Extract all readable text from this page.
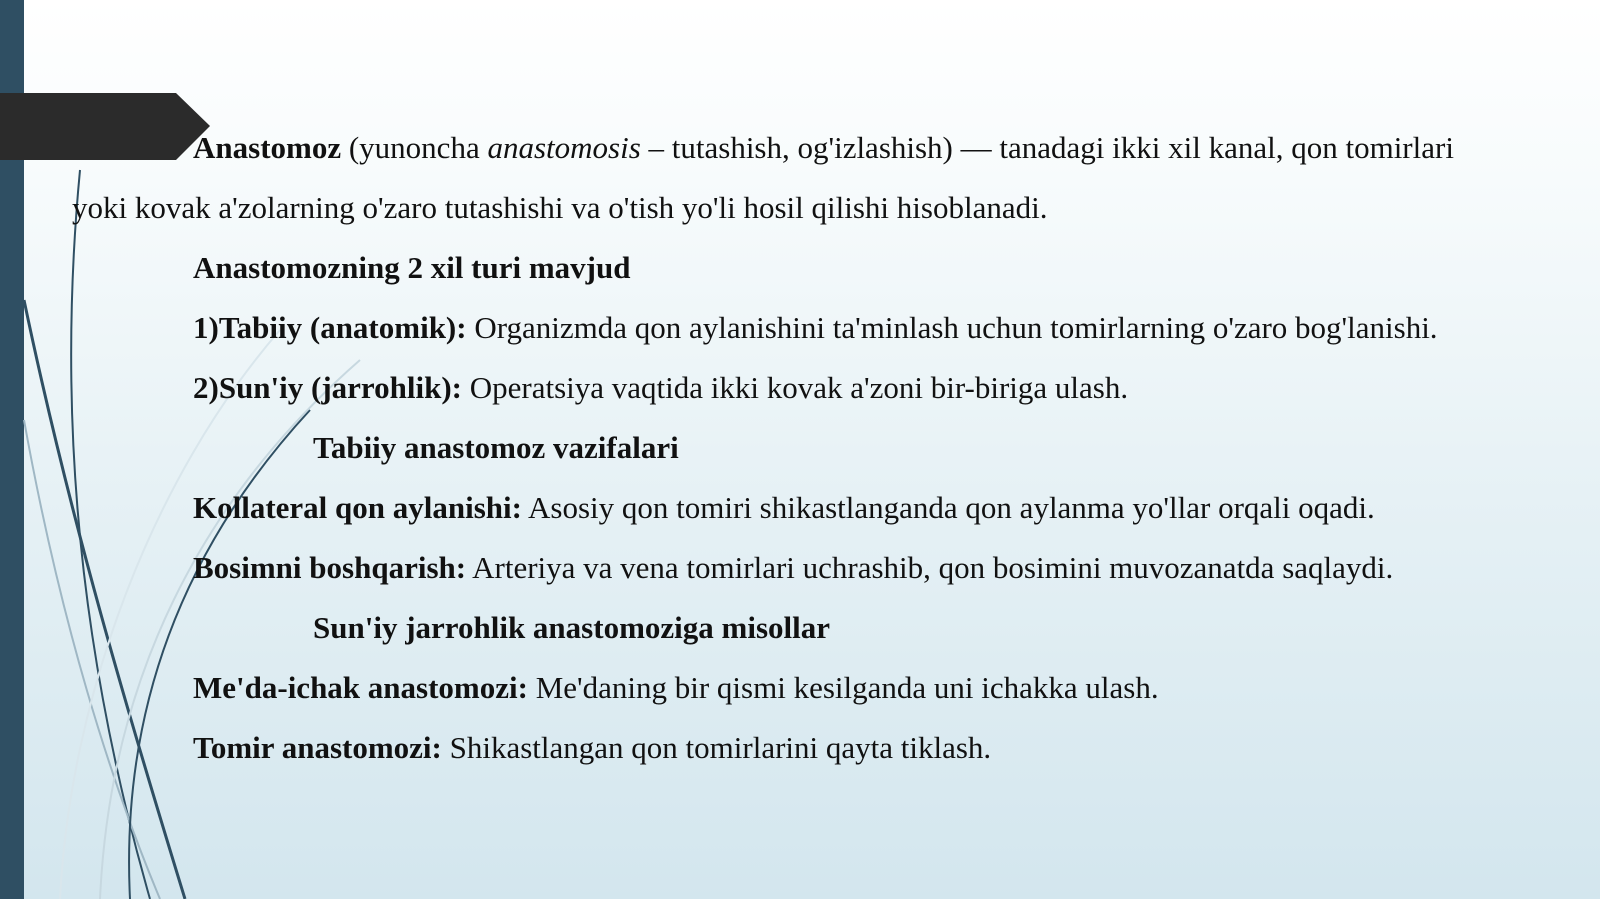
Anastomoz (yunoncha anastomosis – tutashish, og'izlashish) — tanadagi ikki xil kanal, qon tomirlari
yoki kovak a'zolarning o'zaro tutashishi va o'tish yo'li hosil qilishi hisoblanadi.
Anastomozning 2 xil turi mavjud
1)Tabiiy (anatomik): Organizmda qon aylanishini ta'minlash uchun tomirlarning o'zaro bog'lanishi.
2)Sun'iy (jarrohlik): Operatsiya vaqtida ikki kovak a'zoni bir-biriga ulash.
Tabiiy anastomoz vazifalari
Kollateral qon aylanishi: Asosiy qon tomiri shikastlanganda qon aylanma yo'llar orqali oqadi.
Bosimni boshqarish: Arteriya va vena tomirlari uchrashib, qon bosimini muvozanatda saqlaydi.
Sun'iy jarrohlik anastomoziga misollar
Me'da-ichak anastomozi: Me'daning bir qismi kesilganda uni ichakka ulash.
Tomir anastomozi: Shikastlangan qon tomirlarini qayta tiklash.
